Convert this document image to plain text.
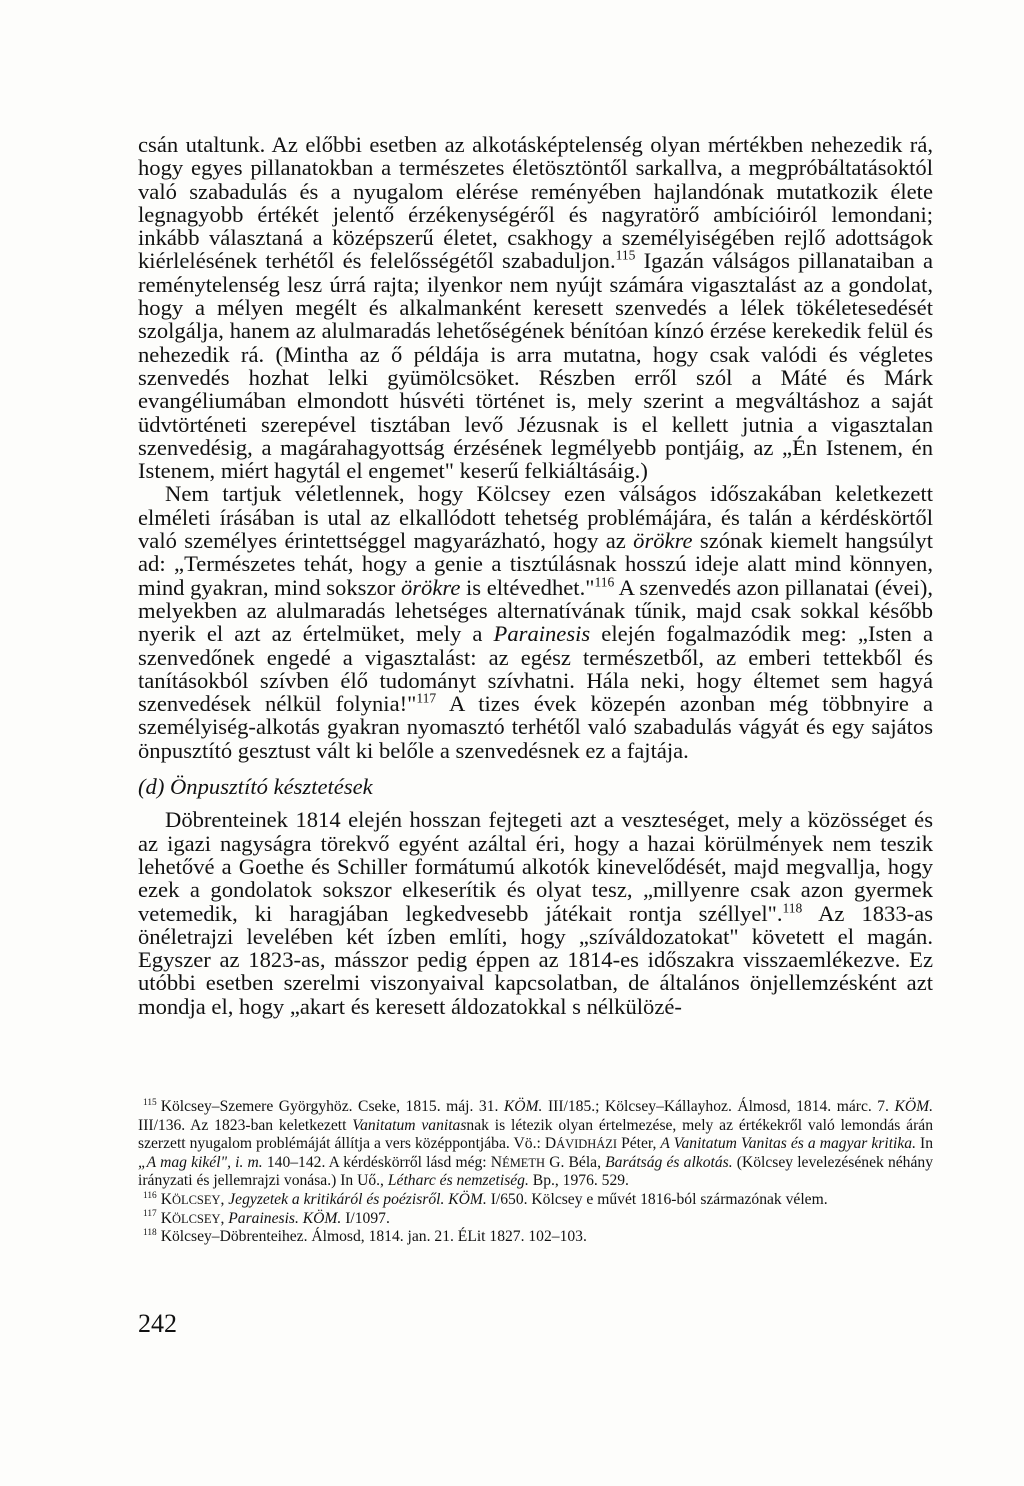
csán utaltunk. Az előbbi esetben az alkotásképtelenség olyan mértékben nehezedik rá, hogy egyes pillanatokban a természetes életösztöntől sarkallva, a megpróbáltatásoktól való szabadulás és a nyugalom elérése reményében hajlandónak mutatkozik élete legnagyobb értékét jelentő érzékenységéről és nagyratörő ambícióiról lemondani; inkább választaná a középszerű életet, csakhogy a személyiségében rejlő adottságok kiérlelésének terhétől és felelősségétől szabaduljon.$^{115}$ Igazán válságos pillanataiban a reménytelenség lesz úrrá rajta; ilyenkor nem nyújt számára vigasztalást az a gondolat, hogy a mélyen megélt és alkalmanként keresett szenvedés a lélek tökéletesedését szolgálja, hanem az alulmaradás lehetőségének bénítóan kínzó érzése kerekedik felül és nehezedik rá. (Mintha az ő példája is arra mutatna, hogy csak valódi és végletes szenvedés hozhat lelki gyümölcsöket. Részben erről szól a Máté és Márk evangéliumában elmondott húsvéti történet is, mely szerint a megváltáshoz a saját üdvtörténeti szerepével tisztában levő Jézusnak is el kellett jutnia a vigasztalan szenvedésig, a magárahagyottság érzésének legmélyebb pontjáig, az „Én Istenem, én Istenem, miért hagytál el engemet" keserű felkiáltásáig.)

Nem tartjuk véletlennek, hogy Kölcsey ezen válságos időszakában keletkezett elméleti írásában is utal az elkallódott tehetség problémájára, és talán a kérdéskörtől való személyes érintettséggel magyarázható, hogy az örökre szónak kiemelt hangsúlyt ad: „Természetes tehát, hogy a genie a tisztúlásnak hosszú ideje alatt mind könnyen, mind gyakran, mind sokszor örökre is eltévedhet."$^{116}$ A szenvedés azon pillanatai (évei), melyekben az alulmaradás lehetséges alternatívának tűnik, majd csak sokkal később nyerik el azt az értelmüket, mely a Parainesis elején fogalmazódik meg: „Isten a szenvedőnek engedé a vigasztalást: az egész természetből, az emberi tettekből és tanításokból szívben élő tudományt szívhatni. Hála neki, hogy éltemet sem hagyá szenvedések nélkül folynia!"$^{117}$ A tizes évek közepén azonban még többnyire a személyiség-alkotás gyakran nyomasztó terhétől való szabadulás vágyát és egy sajátos önpusztító gesztust vált ki belőle a szenvedésnek ez a fajtája.

(d) Önpusztító késztetések

Döbrenteinek 1814 elején hosszan fejtegeti azt a veszteséget, mely a közösséget és az igazi nagyságra törekvő egyént azáltal éri, hogy a hazai körülmények nem teszik lehetővé a Goethe és Schiller formátumú alkotók kinevelődését, majd megvallja, hogy ezek a gondolatok sokszor elkeserítik és olyat tesz, „millyenre csak azon gyermek vetemedik, ki haragjában legkedvesebb játékait rontja széllyel".$^{118}$ Az 1833-as önéletrajzi levelében két ízben említi, hogy „szíváldozatokat" követett el magán. Egyszer az 1823-as, másszor pedig éppen az 1814-es időszakra visszaemlékezve. Ez utóbbi esetben szerelmi viszonyaival kapcsolatban, de általános önjellemzésként azt mondja el, hogy „akart és keresett áldozatokkal s nélkülözé-

$^{115}$ Kölcsey–Szemere Györgyhöz. Cseke, 1815. máj. 31. KÖM. III/185.; Kölcsey–Kállayhoz. Álmosd, 1814. márc. 7. KÖM. III/136. Az 1823-ban keletkezett Vanitatum vanitasnak is létezik olyan értelmezése, mely az értékekről való lemondás árán szerzett nyugalom problémáját állítja a vers középpontjába. Vö.: DÁVIDHÁZI Péter, A Vanitatum Vanitas és a magyar kritika. In „A mag kikél", i. m. 140–142. A kérdéskörről lásd még: NÉMETH G. Béla, Barátság és alkotás. (Kölcsey levelezésének néhány irányzati és jellemrajzi vonása.) In Uő., Létharc és nemzetiség. Bp., 1976. 529.

$^{116}$ KÖLCSEY, Jegyzetek a kritikáról és poézisről. KÖM. I/650. Kölcsey e művét 1816-ból származónak vélem.

$^{117}$ KÖLCSEY, Parainesis. KÖM. I/1097.

$^{118}$ Kölcsey–Döbrenteihez. Álmosd, 1814. jan. 21. ÉLit 1827. 102–103.

242
